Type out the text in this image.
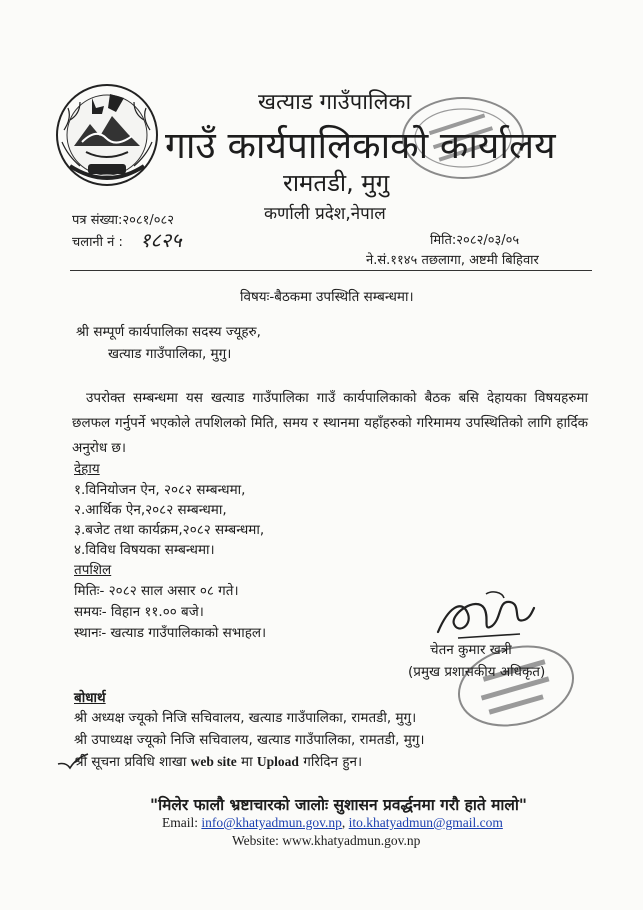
खत्याड गाउँपालिका
गाउँ कार्यपालिकाको कार्यालय
रामतडी, मुगु
कर्णाली प्रदेश,नेपाल
पत्र संख्या:२०८१/०८२
चलानी नं : १८२५	मिति:२०८२/०३/०५
ने.सं.११४५ तछलागा, अष्टमी बिहिवार
विषयः-बैठकमा उपस्थिति सम्बन्धमा।
श्री सम्पूर्ण कार्यपालिका सदस्य ज्यूहरु,
खत्याड गाउँपालिका, मुगु।
उपरोक्त सम्बन्धमा यस खत्याड गाउँपालिका गाउँ कार्यपालिकाको बैठक बसि देहायका विषयहरुमा छलफल गर्नुपर्ने भएकोले तपशिलको मिति, समय र स्थानमा यहाँहरुको गरिमामय उपस्थितिको लागि हार्दिक अनुरोध छ।
देहाय
१.विनियोजन ऐन, २०८२ सम्बन्धमा,
२.आर्थिक ऐन,२०८२ सम्बन्धमा,
३.बजेट तथा कार्यक्रम,२०८२ सम्बन्धमा,
४.विविध विषयका सम्बन्धमा।
तपशिल
मितिः- २०८२ साल असार ०८ गते।
समयः- विहान ११.०० बजे।
स्थानः- खत्याड गाउँपालिकाको सभाहल।
चेतन कुमार खत्री
(प्रमुख प्रशासकीय अधिकृत)
बोधार्थ
श्री अध्यक्ष ज्यूको निजि सचिवालय, खत्याड गाउँपालिका, रामतडी, मुगु।
श्री उपाध्यक्ष ज्यूको निजि सचिवालय, खत्याड गाउँपालिका, रामतडी, मुगु।
श्री सूचना प्रविधि शाखा web site मा Upload गरिदिन हुन।
"मिलेर फालौ भ्रष्टाचारको जालोः सुशासन प्रवर्द्धनमा गरौ हाते मालो"
Email: info@khatyadmun.gov.np, ito.khatyadmun@gmail.com
Website: www.khatyadmun.gov.np
